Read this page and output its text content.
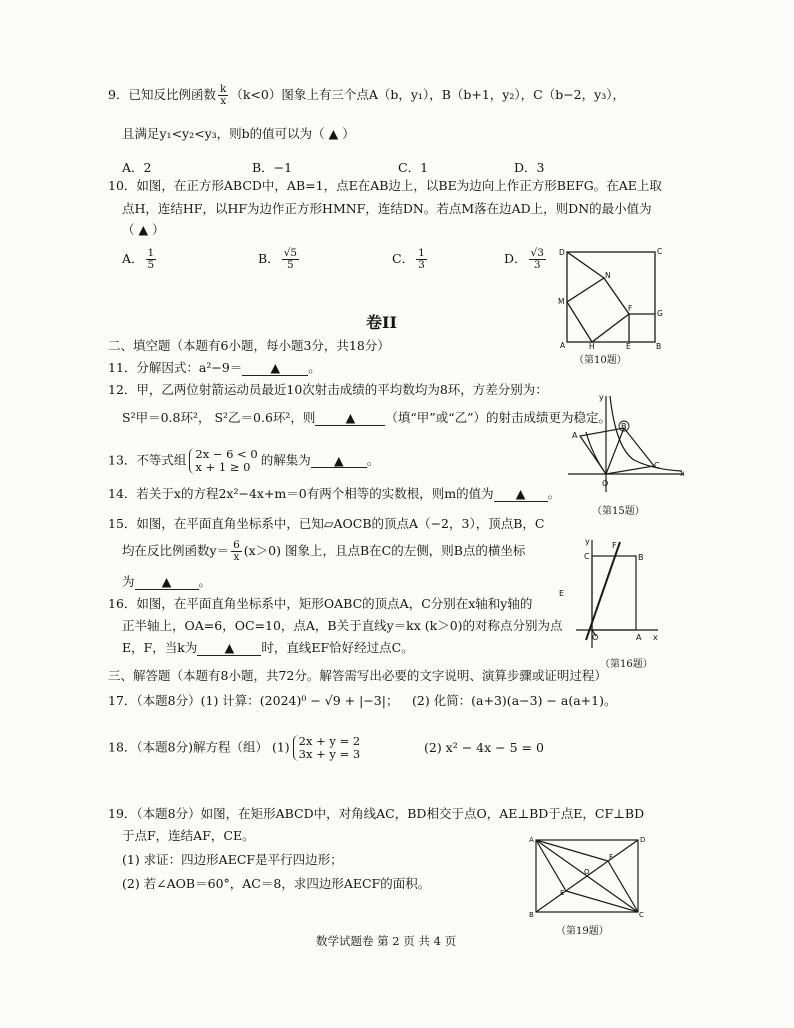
9．已知反比例函数 $\frac{k}{x} (k<0)$图象上有三个点A（b，y₁），B（b+1，y₂），C（b−2，y₃），
且满足y₁<y₂<y₃，则b的值可以为（ ▲ ）
A．2	B．−1	C．1	D．3
10．如图，在正方形ABCD中，AB=1，点E在AB边上，以BE为边向上作正方形BEFG。在AE上取
点H，连结HF，以HF为边作正方形HMNF，连结DN。若点M落在边AD上，则DN的最小值为
（ ▲ ）
A． $\frac{1}{5}$	B． $\frac{√5}{5}$	C． $\frac{1}{3}$	D． $\frac{√3}{3}$ D	C
N
M
F
G
A	H	E	B
（第10题）
卷II
二、填空题（本题有6小题，每小题3分，共18分）
11．分解因式：a²−9＝ ▲ 。
12．甲，乙两位射箭运动员最近10次射击成绩的平均数均为8环，方差分别为：
S²甲＝0.8环²， S²乙＝0.6环²，则 ▲ （填“甲”或“乙”）的射击成绩更为稳定。
13．不等式组 2x − 6 < 0
x + 1 ≥ 0 的解集为 ▲ 。
y
A
B
C
O
x
（第15题）
14．若关于x的方程2x²−4x+m＝0有两个相等的实数根，则m的值为 ▲ 。
15．如图，在平面直角坐标系中，已知▱AOCB的顶点A（−2，3），顶点B，C
均在反比例函数$y= \frac{6}{x} (x>0)$ 图象上，且点B在C的左侧，则B点的横坐标
为 ▲ 。
y
C
F
B
E
O	A x
（第16题）
16．如图，在平面直角坐标系中，矩形OABC的顶点A，C分别在x轴和y轴的
正半轴上，OA=6，OC=10，点A，B关于直线y＝kx (k＞0)的对称点分别为点
E，F，当k为 ▲ 时，直线EF恰好经过点C。
三、解答题（本题有8小题，共72分。解答需写出必要的文字说明、演算步骤或证明过程）
17．（本题8分）(1) 计算：(2024)⁰ − √9 + |−3|； (2) 化简：(a+3)(a−3) − a(a+1)。
18．（本题8分)解方程（组） (1) 2x + y = 2
3x + y = 3	(2) x² − 4x − 5 = 0
19．（本题8分）如图，在矩形ABCD中，对角线AC，BD相交于点O，AE⊥BD于点E，CF⊥BD
于点F，连结AF，CE。
(1) 求证：四边形AECF是平行四边形；
(2) 若∠AOB＝60°，AC＝8，求四边形AECF的面积。
A	D
F
O
E
B	C
（第19题）
数学试题卷 第 2 页 共 4 页
